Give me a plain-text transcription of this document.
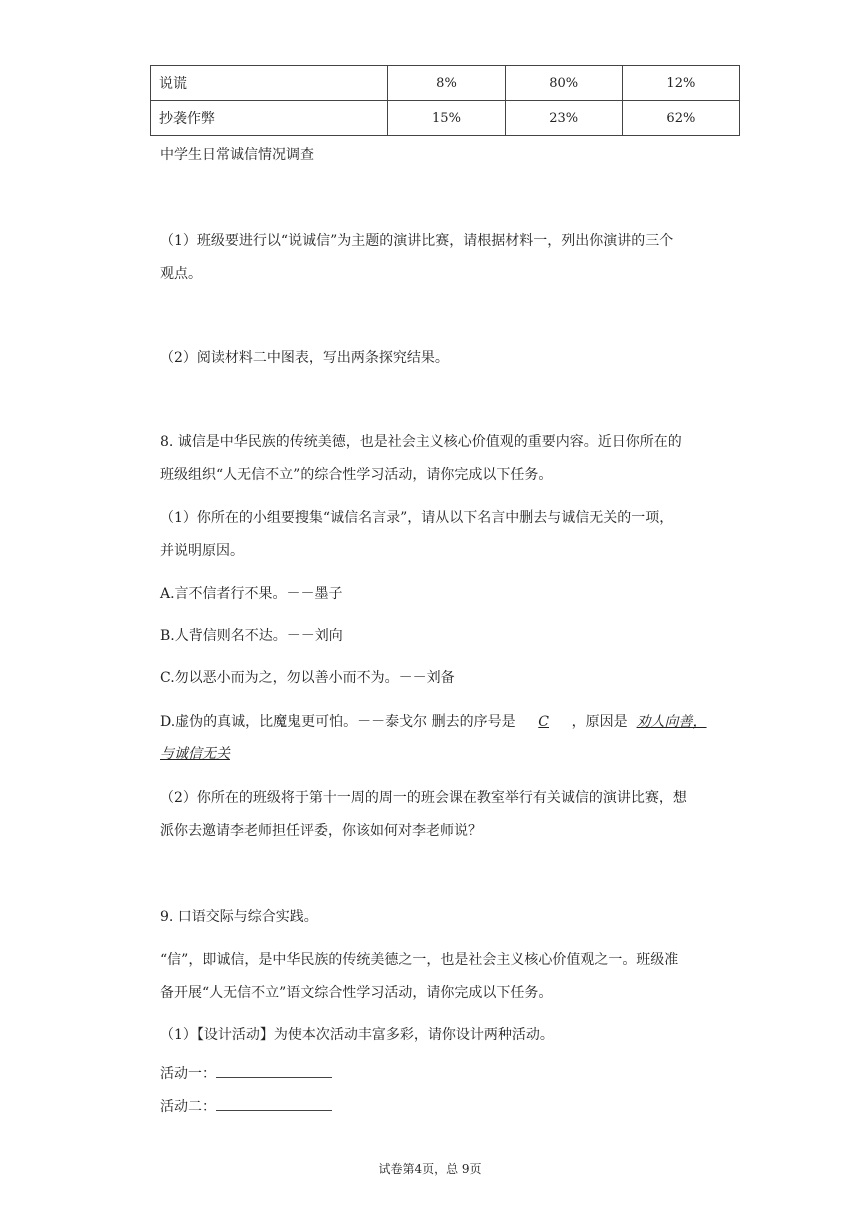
说谎	8%	80%	12%
抄袭作弊	15%	23%	62%
中学生日常诚信情况调查
（1）班级要进行以“说诚信”为主题的演讲比赛，请根据材料一，列出你演讲的三个
观点。
（2）阅读材料二中图表，写出两条探究结果。
8. 诚信是中华民族的传统美德，也是社会主义核心价值观的重要内容。近日你所在的
班级组织“人无信不立”的综合性学习活动，请你完成以下任务。
（1）你所在的小组要搜集“诚信名言录”，请从以下名言中删去与诚信无关的一项，
并说明原因。
A.言不信者行不果。－－墨子
B.人背信则名不达。－－刘向
C.勿以恶小而为之，勿以善小而不为。－－刘备
D.虚伪的真诚，比魔鬼更可怕。－－泰戈尔 删去的序号是 C ，原因是 劝人向善，
与诚信无关
（2）你所在的班级将于第十一周的周一的班会课在教室举行有关诚信的演讲比赛，想
派你去邀请李老师担任评委，你该如何对李老师说？
9. 口语交际与综合实践。
“信”，即诚信，是中华民族的传统美德之一，也是社会主义核心价值观之一。班级准
备开展“人无信不立”语文综合性学习活动，请你完成以下任务。
（1）【设计活动】为使本次活动丰富多彩，请你设计两种活动。
活动一：
活动二：
试卷第4页，总 9页
